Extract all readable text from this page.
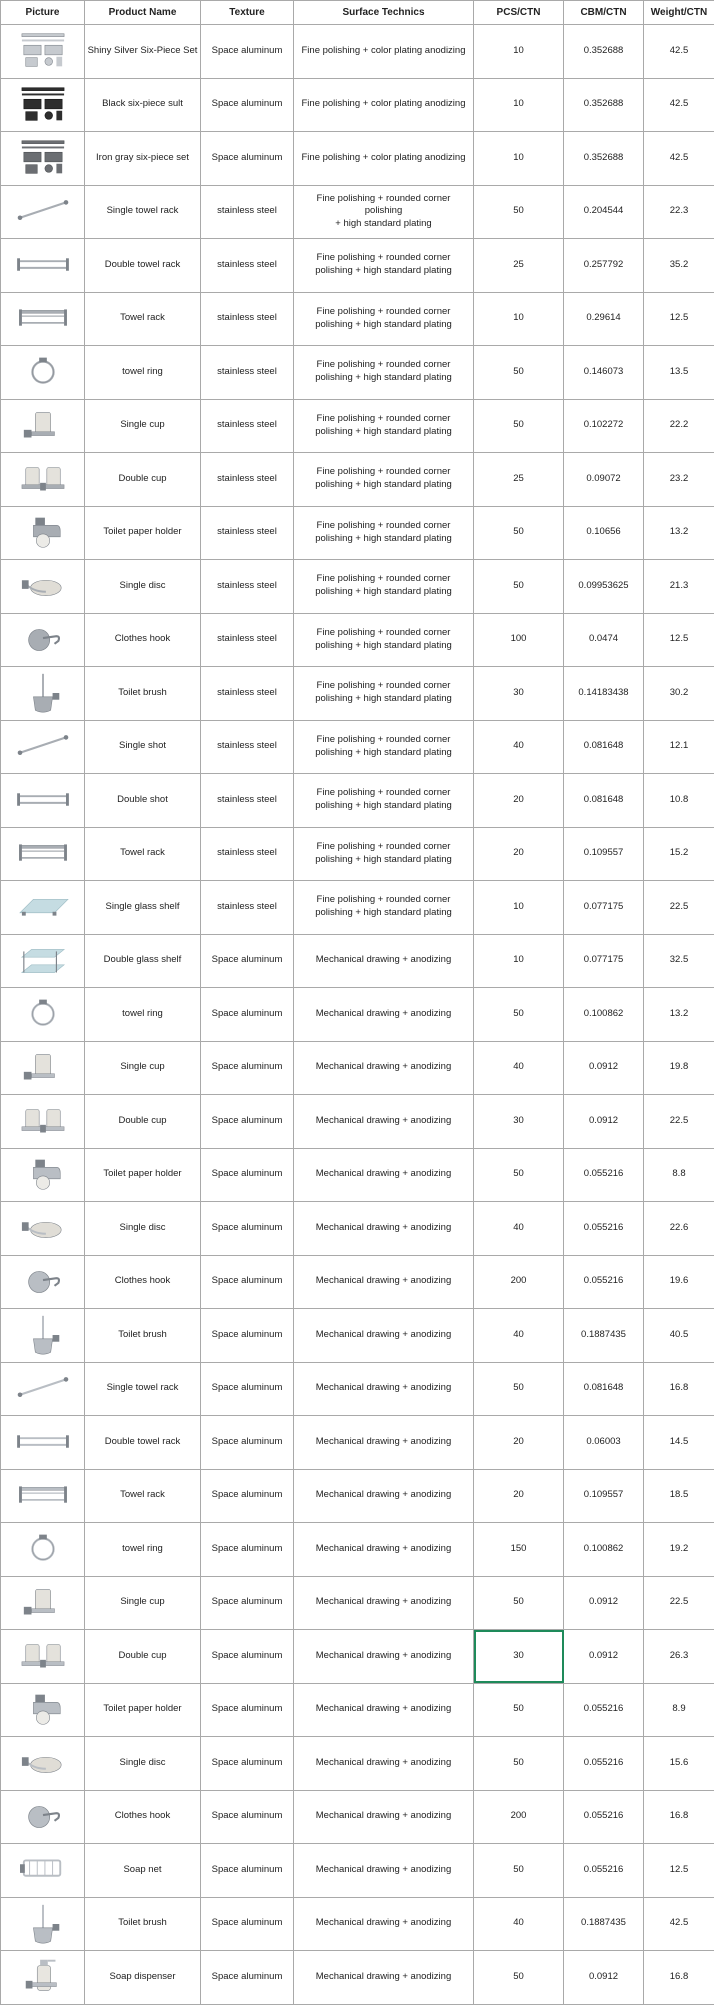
Picture	Product Name	Texture	Surface Technics	PCS/CTN	CBM/CTN	Weight/CTN

	Shiny Silver Six-Piece Set	Space aluminum	Fine polishing + color plating anodizing	10	0.352688	42.5

	Black six-piece sult	Space aluminum	Fine polishing + color plating anodizing	10	0.352688	42.5

	Iron gray six-piece set	Space aluminum	Fine polishing + color plating anodizing	10	0.352688	42.5

	Single towel rack	stainless steel	Fine polishing + rounded corner
polishing
+ high standard plating	50	0.204544	22.3

	Double towel rack	stainless steel	Fine polishing + rounded corner
polishing + high standard plating	25	0.257792	35.2

	Towel rack	stainless steel	Fine polishing + rounded corner
polishing + high standard plating	10	0.29614	12.5

	towel ring	stainless steel	Fine polishing + rounded corner
polishing + high standard plating	50	0.146073	13.5

	Single cup	stainless steel	Fine polishing + rounded corner
polishing + high standard plating	50	0.102272	22.2

	Double cup	stainless steel	Fine polishing + rounded corner
polishing + high standard plating	25	0.09072	23.2

	Toilet paper holder	stainless steel	Fine polishing + rounded corner
polishing + high standard plating	50	0.10656	13.2

	Single disc	stainless steel	Fine polishing + rounded corner
polishing + high standard plating	50	0.09953625	21.3

	Clothes hook	stainless steel	Fine polishing + rounded corner
polishing + high standard plating	100	0.0474	12.5

	Toilet brush	stainless steel	Fine polishing + rounded corner
polishing + high standard plating	30	0.14183438	30.2

	Single shot	stainless steel	Fine polishing + rounded corner
polishing + high standard plating	40	0.081648	12.1

	Double shot	stainless steel	Fine polishing + rounded corner
polishing + high standard plating	20	0.081648	10.8

	Towel rack	stainless steel	Fine polishing + rounded corner
polishing + high standard plating	20	0.109557	15.2

	Single glass shelf	stainless steel	Fine polishing + rounded corner
polishing + high standard plating	10	0.077175	22.5

	Double glass shelf	Space aluminum	Mechanical drawing + anodizing	10	0.077175	32.5

	towel ring	Space aluminum	Mechanical drawing + anodizing	50	0.100862	13.2

	Single cup	Space aluminum	Mechanical drawing + anodizing	40	0.0912	19.8

	Double cup	Space aluminum	Mechanical drawing + anodizing	30	0.0912	22.5

	Toilet paper holder	Space aluminum	Mechanical drawing + anodizing	50	0.055216	8.8

	Single disc	Space aluminum	Mechanical drawing + anodizing	40	0.055216	22.6

	Clothes hook	Space aluminum	Mechanical drawing + anodizing	200	0.055216	19.6

	Toilet brush	Space aluminum	Mechanical drawing + anodizing	40	0.1887435	40.5

	Single towel rack	Space aluminum	Mechanical drawing + anodizing	50	0.081648	16.8

	Double towel rack	Space aluminum	Mechanical drawing + anodizing	20	0.06003	14.5

	Towel rack	Space aluminum	Mechanical drawing + anodizing	20	0.109557	18.5

	towel ring	Space aluminum	Mechanical drawing + anodizing	150	0.100862	19.2

	Single cup	Space aluminum	Mechanical drawing + anodizing	50	0.0912	22.5

	Double cup	Space aluminum	Mechanical drawing + anodizing	30	0.0912	26.3

	Toilet paper holder	Space aluminum	Mechanical drawing + anodizing	50	0.055216	8.9

	Single disc	Space aluminum	Mechanical drawing + anodizing	50	0.055216	15.6

	Clothes hook	Space aluminum	Mechanical drawing + anodizing	200	0.055216	16.8

	Soap net	Space aluminum	Mechanical drawing + anodizing	50	0.055216	12.5

	Toilet brush	Space aluminum	Mechanical drawing + anodizing	40	0.1887435	42.5

	Soap dispenser	Space aluminum	Mechanical drawing + anodizing	50	0.0912	16.8
